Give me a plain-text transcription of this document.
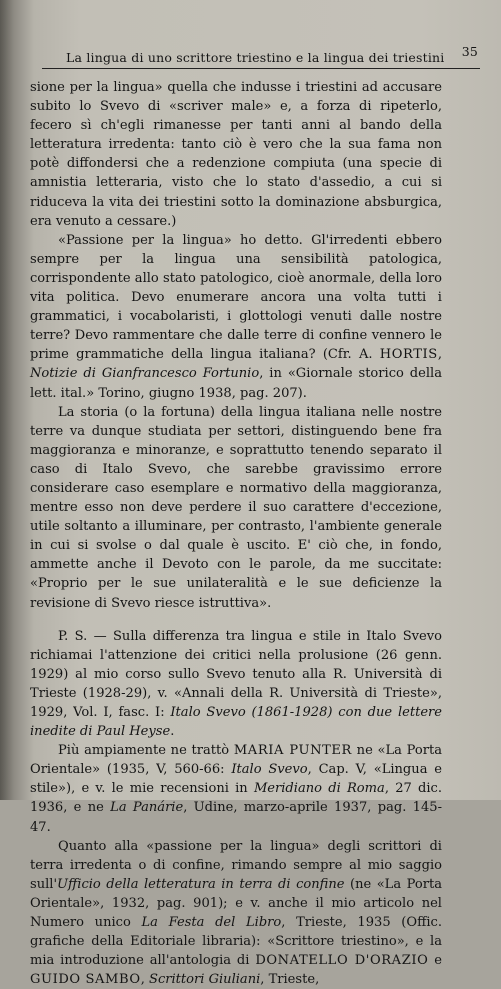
La lingua di uno scrittore triestino e la lingua dei triestini 35

sione per la lingua» quella che indusse i triestini ad accusare subito lo Svevo di «scriver male» e, a forza di ripeterlo, fecero sì ch'egli rimanesse per tanti anni al bando della letteratura irredenta: tanto ciò è vero che la sua fama non potè diffondersi che a redenzione compiuta (una specie di amnistia letteraria, visto che lo stato d'assedio, a cui si riduceva la vita dei triestini sotto la dominazione absburgica, era venuto a cessare.)

«Passione per la lingua» ho detto. Gl'irredenti ebbero sempre per la lingua una sensibilità patologica, corrispondente allo stato patologico, cioè anormale, della loro vita politica. Devo enumerare ancora una volta tutti i grammatici, i vocabolaristi, i glottologi venuti dalle nostre terre? Devo rammentare che dalle terre di confine vennero le prime grammatiche della lingua italiana? (Cfr. A. HORTIS, Notizie di Gianfrancesco Fortunio, in «Giornale storico della lett. ital.» Torino, giugno 1938, pag. 207).

La storia (o la fortuna) della lingua italiana nelle nostre terre va dunque studiata per settori, distinguendo bene fra maggioranza e minoranze, e soprattutto tenendo separato il caso di Italo Svevo, che sarebbe gravissimo errore considerare caso esemplare e normativo della maggioranza, mentre esso non deve perdere il suo carattere d'eccezione, utile soltanto a illuminare, per contrasto, l'ambiente generale in cui si svolse o dal quale è uscito. E' ciò che, in fondo, ammette anche il Devoto con le parole, da me succitate: «Proprio per le sue unilateralità e le sue deficienze la revisione di Svevo riesce istruttiva».

P. S. — Sulla differenza tra lingua e stile in Italo Svevo richiamai l'attenzione dei critici nella prolusione (26 genn. 1929) al mio corso sullo Svevo tenuto alla R. Università di Trieste (1928-29), v. «Annali della R. Università di Trieste», 1929, Vol. I, fasc. I: Italo Svevo (1861-1928) con due lettere inedite di Paul Heyse.

Più ampiamente ne trattò MARIA PUNTER ne «La Porta Orientale» (1935, V, 560-66: Italo Svevo, Cap. V, «Lingua e stile»), e v. le mie recensioni in Meridiano di Roma, 27 dic. 1936, e ne La Panárie, Udine, marzo-aprile 1937, pag. 145-47.

Quanto alla «passione per la lingua» degli scrittori di terra irredenta o di confine, rimando sempre al mio saggio sull'Ufficio della letteratura in terra di confine (ne «La Porta Orientale», 1932, pag. 901); e v. anche il mio articolo nel Numero unico La Festa del Libro, Trieste, 1935 (Offic. grafiche della Editoriale libraria): «Scrittore triestino», e la mia introduzione all'antologia di DONATELLO D'ORAZIO e GUIDO SAMBO, Scrittori Giuliani, Trieste,
